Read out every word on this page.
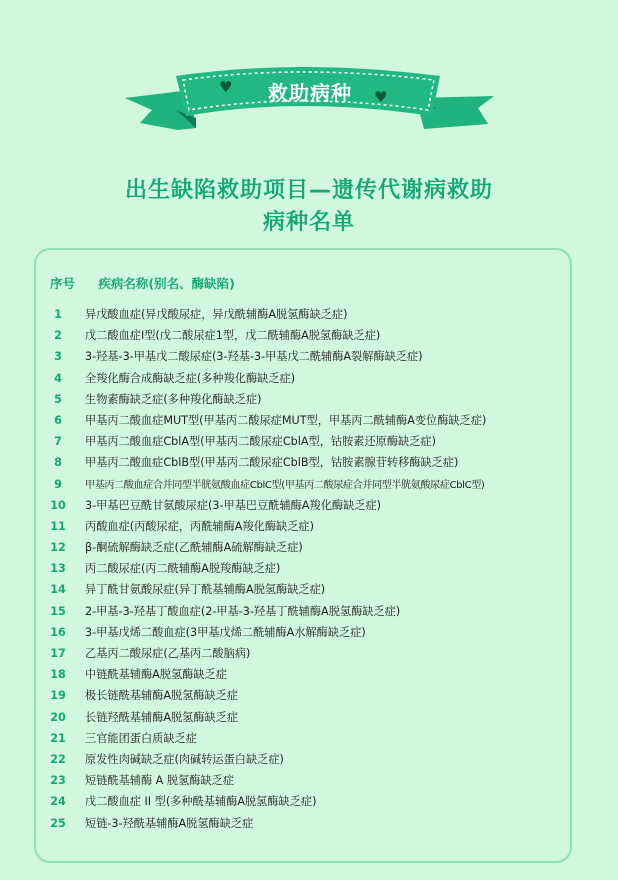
♥	救助病种	♥
出生缺陷救助项目—遗传代谢病救助
病种名单
序号 疾病名称(别名、酶缺陷)
1 异戊酸血症(异戊酸尿症，异戊酰辅酶A脱氢酶缺乏症)
2 戊二酸血症I型(戊二酸尿症1型，戊二酰辅酶A脱氢酶缺乏症)
3 3-羟基-3-甲基戊二酸尿症(3-羟基-3-甲基戊二酰辅酶A裂解酶缺乏症)
4 全羧化酶合成酶缺乏症(多种羧化酶缺乏症)
5 生物素酶缺乏症(多种羧化酶缺乏症)
6 甲基丙二酸血症MUT型(甲基丙二酸尿症MUT型，甲基丙二酰辅酶A变位酶缺乏症)
7 甲基丙二酸血症CblA型(甲基丙二酸尿症CblA型，钴胺素还原酶缺乏症)
8 甲基丙二酸血症CblB型(甲基丙二酸尿症CblB型，钴胺素腺苷转移酶缺乏症)
9 甲基丙二酸血症合并同型半胱氨酸血症CblC型(甲基丙二酸尿症合并同型半胱氨酸尿症CblC型)
10 3-甲基巴豆酰甘氨酸尿症(3-甲基巴豆酰辅酶A羧化酶缺乏症)
11 丙酸血症(丙酸尿症，丙酰辅酶A羧化酶缺乏症)
12 β-酮硫解酶缺乏症(乙酰辅酶A硫解酶缺乏症)
13 丙二酸尿症(丙二酰辅酶A脱羧酶缺乏症)
14 异丁酰甘氨酸尿症(异丁酰基辅酶A脱氢酶缺乏症)
15 2-甲基-3-羟基丁酸血症(2-甲基-3-羟基丁酰辅酶A脱氢酶缺乏症)
16 3-甲基戊烯二酸血症(3甲基戊烯二酰辅酶A水解酶缺乏症)
17 乙基丙二酸尿症(乙基丙二酸脑病)
18 中链酰基辅酶A脱氢酶缺乏症
19 极长链酰基辅酶A脱氢酶缺乏症
20 长链羟酰基辅酶A脱氢酶缺乏症
21 三官能团蛋白质缺乏症
22 原发性肉碱缺乏症(肉碱转运蛋白缺乏症)
23 短链酰基辅酶 A 脱氢酶缺乏症
24 戊二酸血症 II 型(多种酰基辅酶A脱氢酶缺乏症)
25 短链-3-羟酰基辅酶A脱氢酶缺乏症
